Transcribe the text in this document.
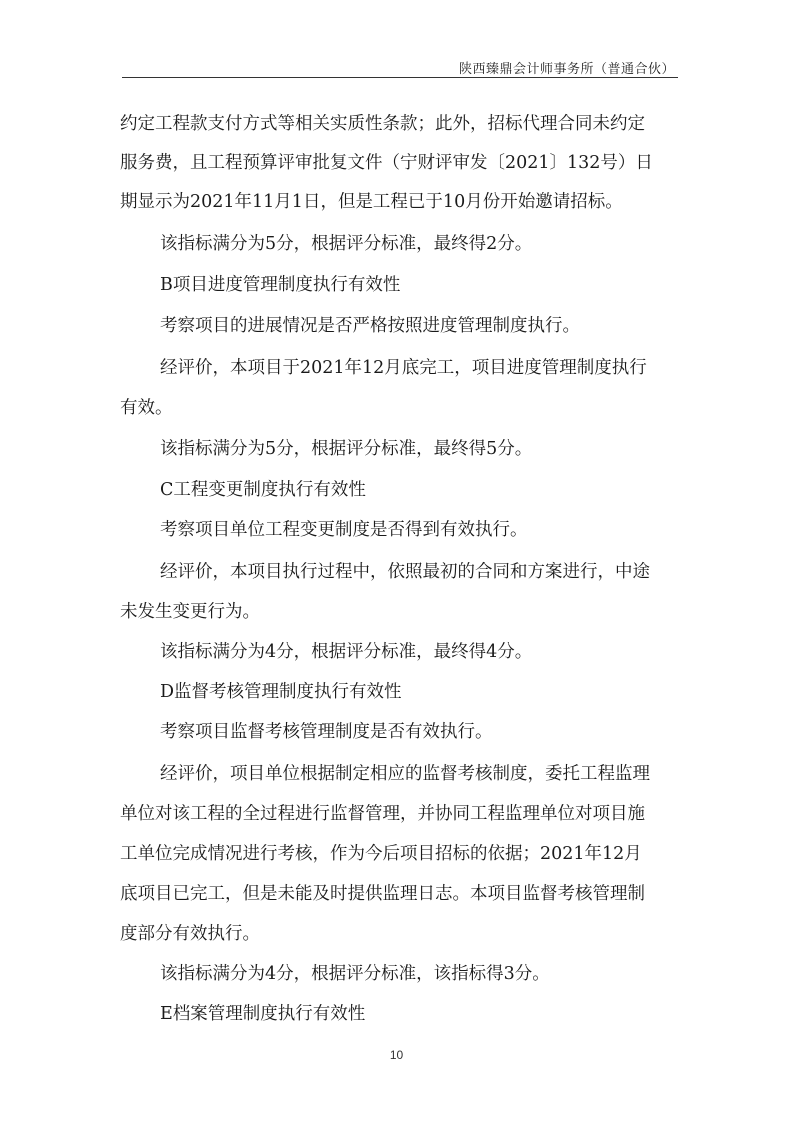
陕西臻鼎会计师事务所（普通合伙）
约定工程款支付方式等相关实质性条款；此外，招标代理合同未约定
服务费，且工程预算评审批复文件（宁财评审发〔2021〕132号）日
期显示为2021年11月1日，但是工程已于10月份开始邀请招标。
该指标满分为5分，根据评分标准，最终得2分。
B项目进度管理制度执行有效性
考察项目的进展情况是否严格按照进度管理制度执行。
经评价，本项目于2021年12月底完工，项目进度管理制度执行
有效。
该指标满分为5分，根据评分标准，最终得5分。
C工程变更制度执行有效性
考察项目单位工程变更制度是否得到有效执行。
经评价，本项目执行过程中，依照最初的合同和方案进行，中途
未发生变更行为。
该指标满分为4分，根据评分标准，最终得4分。
D监督考核管理制度执行有效性
考察项目监督考核管理制度是否有效执行。
经评价，项目单位根据制定相应的监督考核制度，委托工程监理
单位对该工程的全过程进行监督管理，并协同工程监理单位对项目施
工单位完成情况进行考核，作为今后项目招标的依据；2021年12月
底项目已完工，但是未能及时提供监理日志。本项目监督考核管理制
度部分有效执行。
该指标满分为4分，根据评分标准，该指标得3分。
E档案管理制度执行有效性
10
